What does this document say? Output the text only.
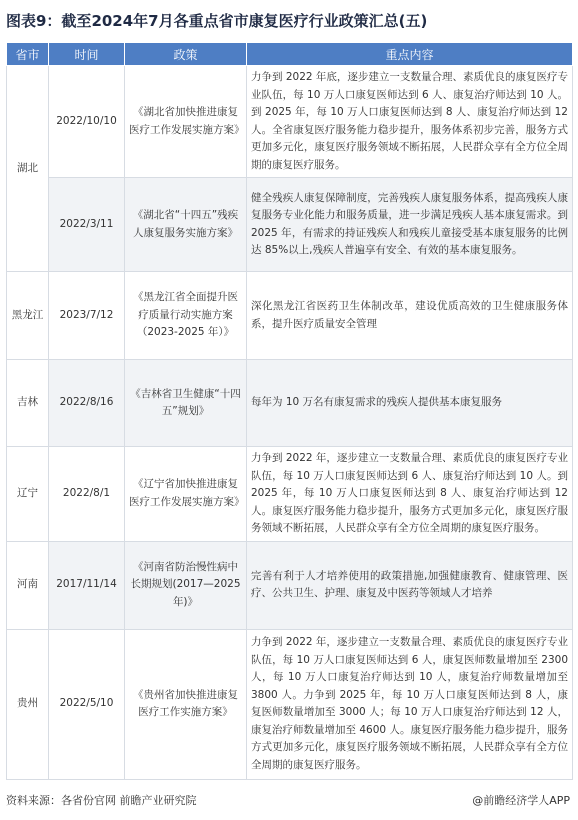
图表9：截至2024年7月各重点省市康复医疗行业政策汇总(五)
省市	时间	政策	重点内容
湖北	2022/10/10	《湖北省加快推进康复医疗工作发展实施方案》	力争到 2022 年底，逐步建立一支数量合理、素质优良的康复医疗专业队伍，每 10 万人口康复医师达到 6 人、康复治疗师达到 10 人。到 2025 年，每 10 万人口康复医师达到 8 人、康复治疗师达到 12 人。全省康复医疗服务能力稳步提升，服务体系初步完善，服务方式更加多元化，康复医疗服务领域不断拓展，人民群众享有全方位全周期的康复医疗服务。
	2022/3/11	《湖北省“十四五”残疾人康复服务实施方案》	健全残疾人康复保障制度，完善残疾人康复服务体系，提高残疾人康复服务专业化能力和服务质量，进一步满足残疾人基本康复需求。到 2025 年，有需求的持证残疾人和残疾儿童接受基本康复服务的比例达 85%以上,残疾人普遍享有安全、有效的基本康复服务。
黑龙江	2023/7/12	《黑龙江省全面提升医疗质量行动实施方案（2023-2025 年）》	深化黑龙江省医药卫生体制改革，建设优质高效的卫生健康服务体系，提升医疗质量安全管理
吉林	2022/8/16	《吉林省卫生健康“十四五”规划》	每年为 10 万名有康复需求的残疾人提供基本康复服务
辽宁	2022/8/1	《辽宁省加快推进康复医疗工作发展实施方案》	力争到 2022 年，逐步建立一支数量合理、素质优良的康复医疗专业队伍，每 10 万人口康复医师达到 6 人、康复治疗师达到 10 人。到 2025 年，每 10 万人口康复医师达到 8 人、康复治疗师达到 12 人。康复医疗服务能力稳步提升，服务方式更加多元化，康复医疗服务领域不断拓展，人民群众享有全方位全周期的康复医疗服务。
河南	2017/11/14	《河南省防治慢性病中长期规划(2017—2025 年)》	完善有利于人才培养使用的政策措施,加强健康教育、健康管理、医疗、公共卫生、护理、康复及中医药等领域人才培养
贵州	2022/5/10	《贵州省加快推进康复医疗工作实施方案》	力争到 2022 年，逐步建立一支数量合理、素质优良的康复医疗专业队伍，每 10 万人口康复医师达到 6 人，康复医师数量增加至 2300 人，每 10 万人口康复治疗师达到 10 人，康复治疗师数量增加至 3800 人。力争到 2025 年，每 10 万人口康复医师达到 8 人，康复医师数量增加至 3000 人；每 10 万人口康复治疗师达到 12 人，康复治疗师数量增加至 4600 人。康复医疗服务能力稳步提升，服务方式更加多元化，康复医疗服务领域不断拓展，人民群众享有全方位全周期的康复医疗服务。
资料来源：各省份官网 前瞻产业研究院	@前瞻经济学人APP
